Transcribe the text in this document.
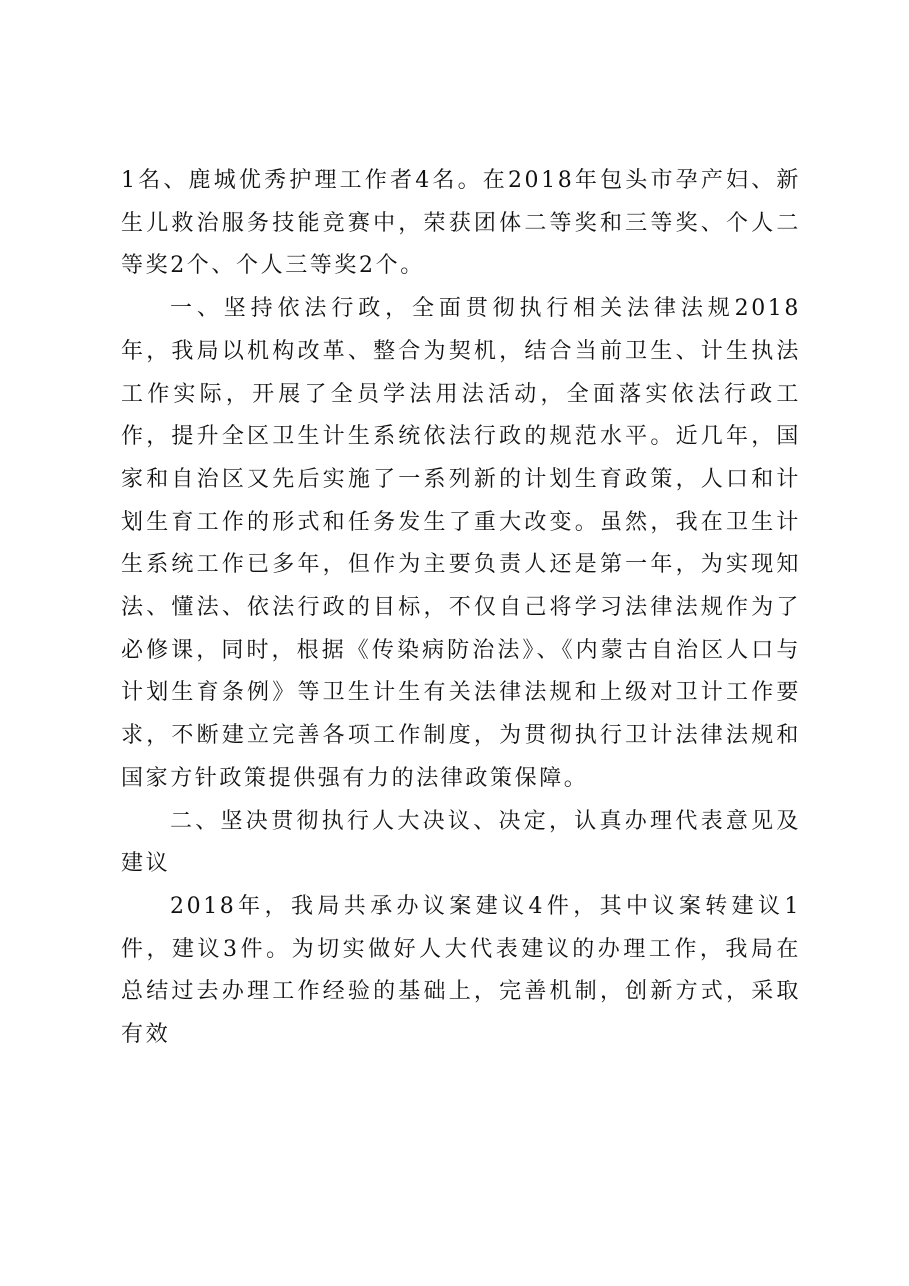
1名、鹿城优秀护理工作者4名。在2018年包头市孕产妇、新生儿救治服务技能竞赛中，荣获团体二等奖和三等奖、个人二等奖2个、个人三等奖2个。

一、坚持依法行政，全面贯彻执行相关法律法规2018年，我局以机构改革、整合为契机，结合当前卫生、计生执法工作实际，开展了全员学法用法活动，全面落实依法行政工作，提升全区卫生计生系统依法行政的规范水平。近几年，国家和自治区又先后实施了一系列新的计划生育政策，人口和计划生育工作的形式和任务发生了重大改变。虽然，我在卫生计生系统工作已多年，但作为主要负责人还是第一年，为实现知法、懂法、依法行政的目标，不仅自己将学习法律法规作为了必修课，同时，根据《传染病防治法》、《内蒙古自治区人口与计划生育条例》等卫生计生有关法律法规和上级对卫计工作要求，不断建立完善各项工作制度，为贯彻执行卫计法律法规和国家方针政策提供强有力的法律政策保障。

二、坚决贯彻执行人大决议、决定，认真办理代表意见及建议

2018年，我局共承办议案建议4件，其中议案转建议1件，建议3件。为切实做好人大代表建议的办理工作，我局在总结过去办理工作经验的基础上，完善机制，创新方式，采取有效
